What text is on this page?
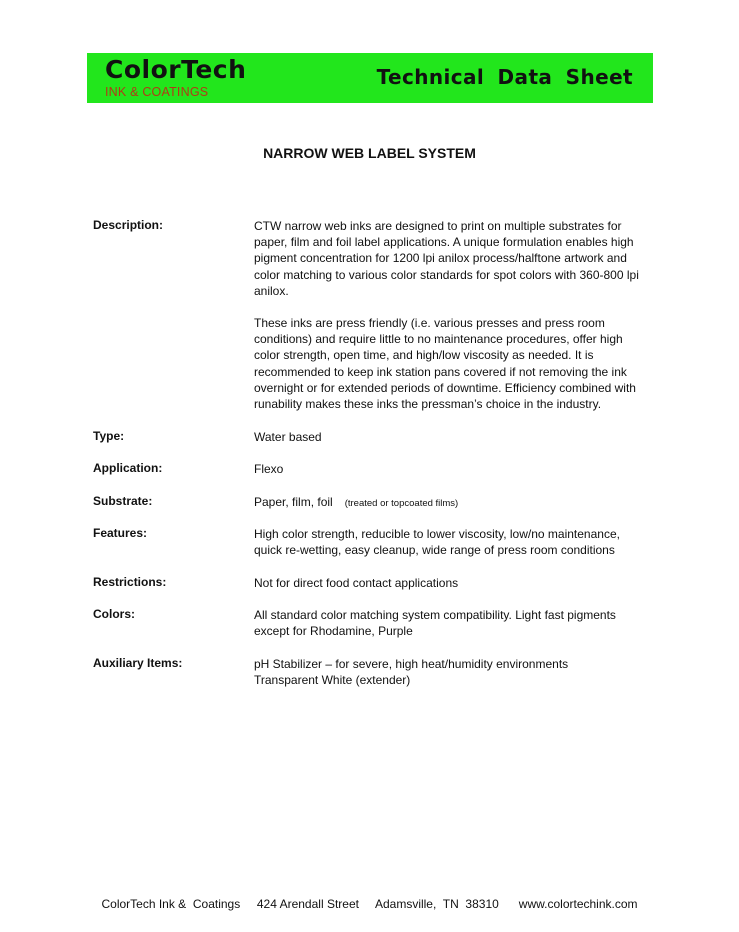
ColorTech
INK & COATINGS
Technical Data Sheet
NARROW WEB LABEL SYSTEM
Description:	CTW narrow web inks are designed to print on multiple substrates for paper, film and foil label applications. A unique formulation enables high pigment concentration for 1200 lpi anilox process/halftone artwork and color matching to various color standards for spot colors with 360-800 lpi anilox.

These inks are press friendly (i.e. various presses and press room conditions) and require little to no maintenance procedures, offer high color strength, open time, and high/low viscosity as needed. It is recommended to keep ink station pans covered if not removing the ink overnight or for extended periods of downtime. Efficiency combined with runability makes these inks the pressman’s choice in the industry.

Type:	Water based
Application:	Flexo
Substrate:	Paper, film, foil (treated or topcoated films)
Features:	High color strength, reducible to lower viscosity, low/no maintenance, quick re-wetting, easy cleanup, wide range of press room conditions
Restrictions:	Not for direct food contact applications
Colors:	All standard color matching system compatibility. Light fast pigments except for Rhodamine, Purple
Auxiliary Items:	pH Stabilizer – for severe, high heat/humidity environments
Transparent White (extender)
ColorTech Ink &  Coatings     424 Arendall Street     Adamsville,  TN  38310      www.colortechink.com
